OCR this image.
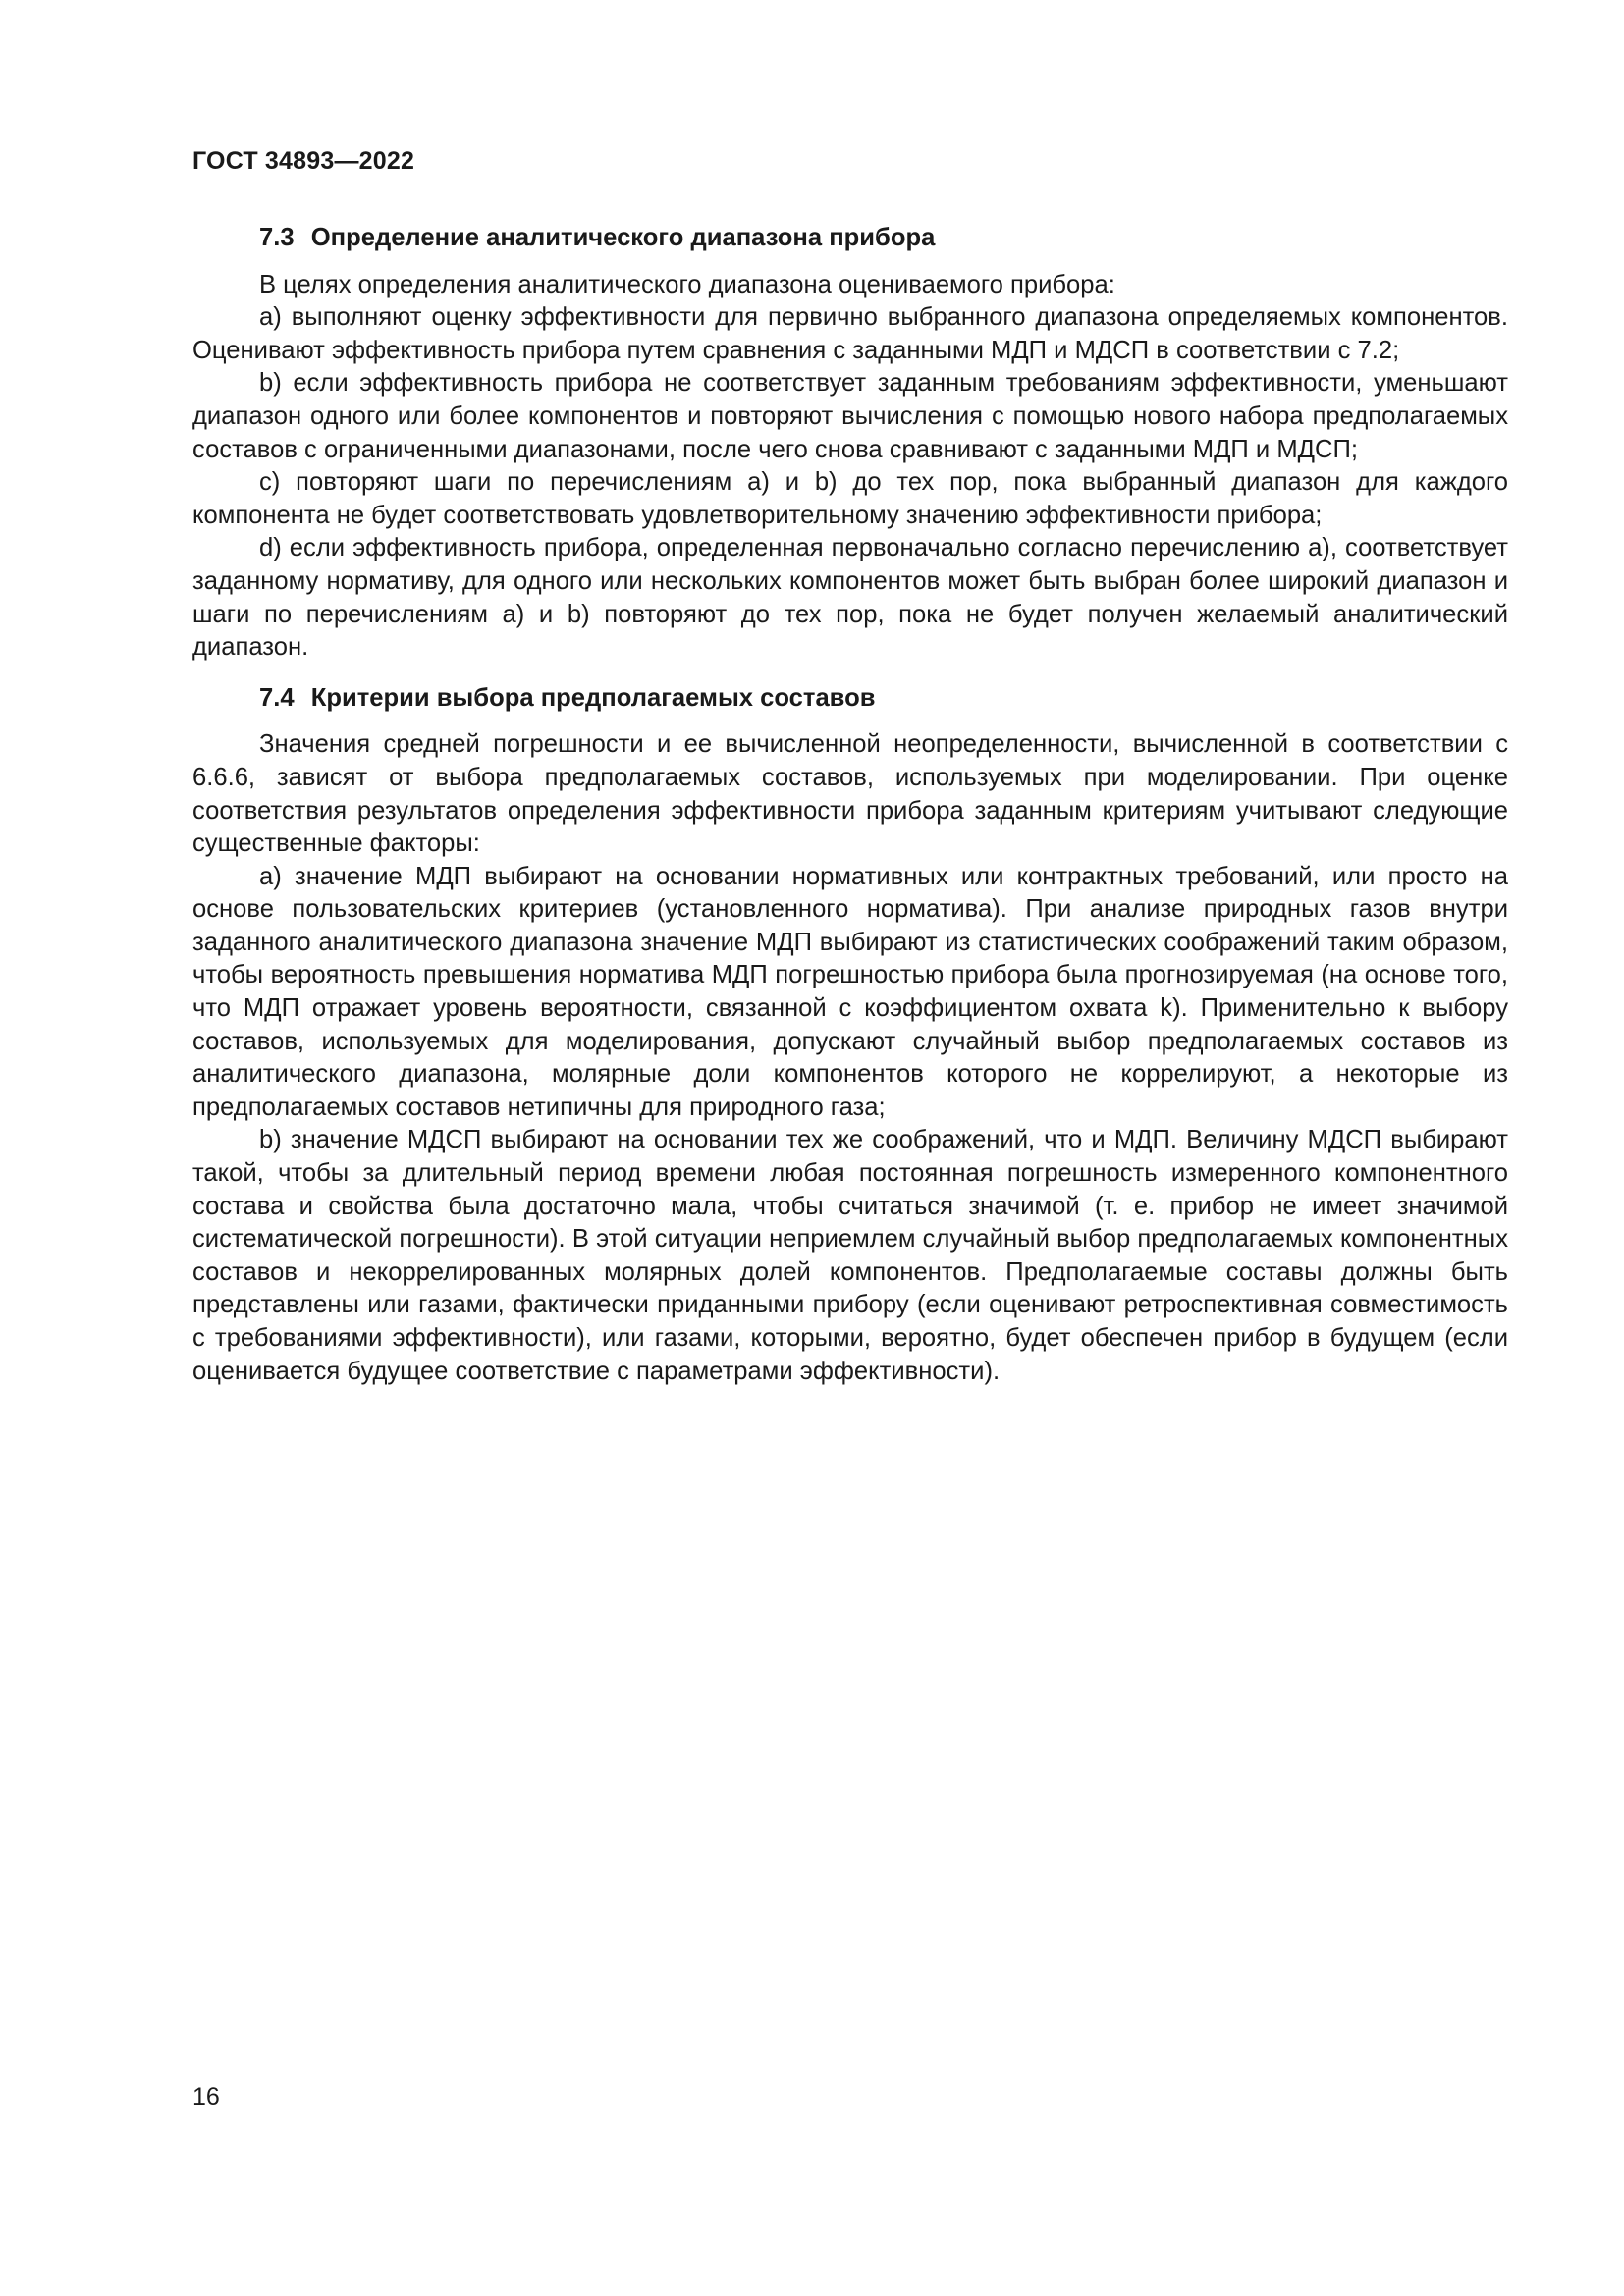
ГОСТ 34893—2022
7.3 Определение аналитического диапазона прибора

В целях определения аналитического диапазона оцениваемого прибора:

a) выполняют оценку эффективности для первично выбранного диапазона определяемых компонентов. Оценивают эффективность прибора путем сравнения с заданными МДП и МДСП в соответствии с 7.2;

b) если эффективность прибора не соответствует заданным требованиям эффективности, уменьшают диапазон одного или более компонентов и повторяют вычисления с помощью нового набора предполагаемых составов с ограниченными диапазонами, после чего снова сравнивают с заданными МДП и МДСП;

c) повторяют шаги по перечислениям a) и b) до тех пор, пока выбранный диапазон для каждого компонента не будет соответствовать удовлетворительному значению эффективности прибора;

d) если эффективность прибора, определенная первоначально согласно перечислению a), соответствует заданному нормативу, для одного или нескольких компонентов может быть выбран более широкий диапазон и шаги по перечислениям a) и b) повторяют до тех пор, пока не будет получен желаемый аналитический диапазон.

7.4 Критерии выбора предполагаемых составов

Значения средней погрешности и ее вычисленной неопределенности, вычисленной в соответствии с 6.6.6, зависят от выбора предполагаемых составов, используемых при моделировании. При оценке соответствия результатов определения эффективности прибора заданным критериям учитывают следующие существенные факторы:

a) значение МДП выбирают на основании нормативных или контрактных требований, или просто на основе пользовательских критериев (установленного норматива). При анализе природных газов внутри заданного аналитического диапазона значение МДП выбирают из статистических соображений таким образом, чтобы вероятность превышения норматива МДП погрешностью прибора была прогнозируемая (на основе того, что МДП отражает уровень вероятности, связанной с коэффициентом охвата k). Применительно к выбору составов, используемых для моделирования, допускают случайный выбор предполагаемых составов из аналитического диапазона, молярные доли компонентов которого не коррелируют, а некоторые из предполагаемых составов нетипичны для природного газа;

b) значение МДСП выбирают на основании тех же соображений, что и МДП. Величину МДСП выбирают такой, чтобы за длительный период времени любая постоянная погрешность измеренного компонентного состава и свойства была достаточно мала, чтобы считаться значимой (т. е. прибор не имеет значимой систематической погрешности). В этой ситуации неприемлем случайный выбор предполагаемых компонентных составов и некоррелированных молярных долей компонентов. Предполагаемые составы должны быть представлены или газами, фактически приданными прибору (если оценивают ретроспективная совместимость с требованиями эффективности), или газами, которыми, вероятно, будет обеспечен прибор в будущем (если оценивается будущее соответствие с параметрами эффективности).

16
